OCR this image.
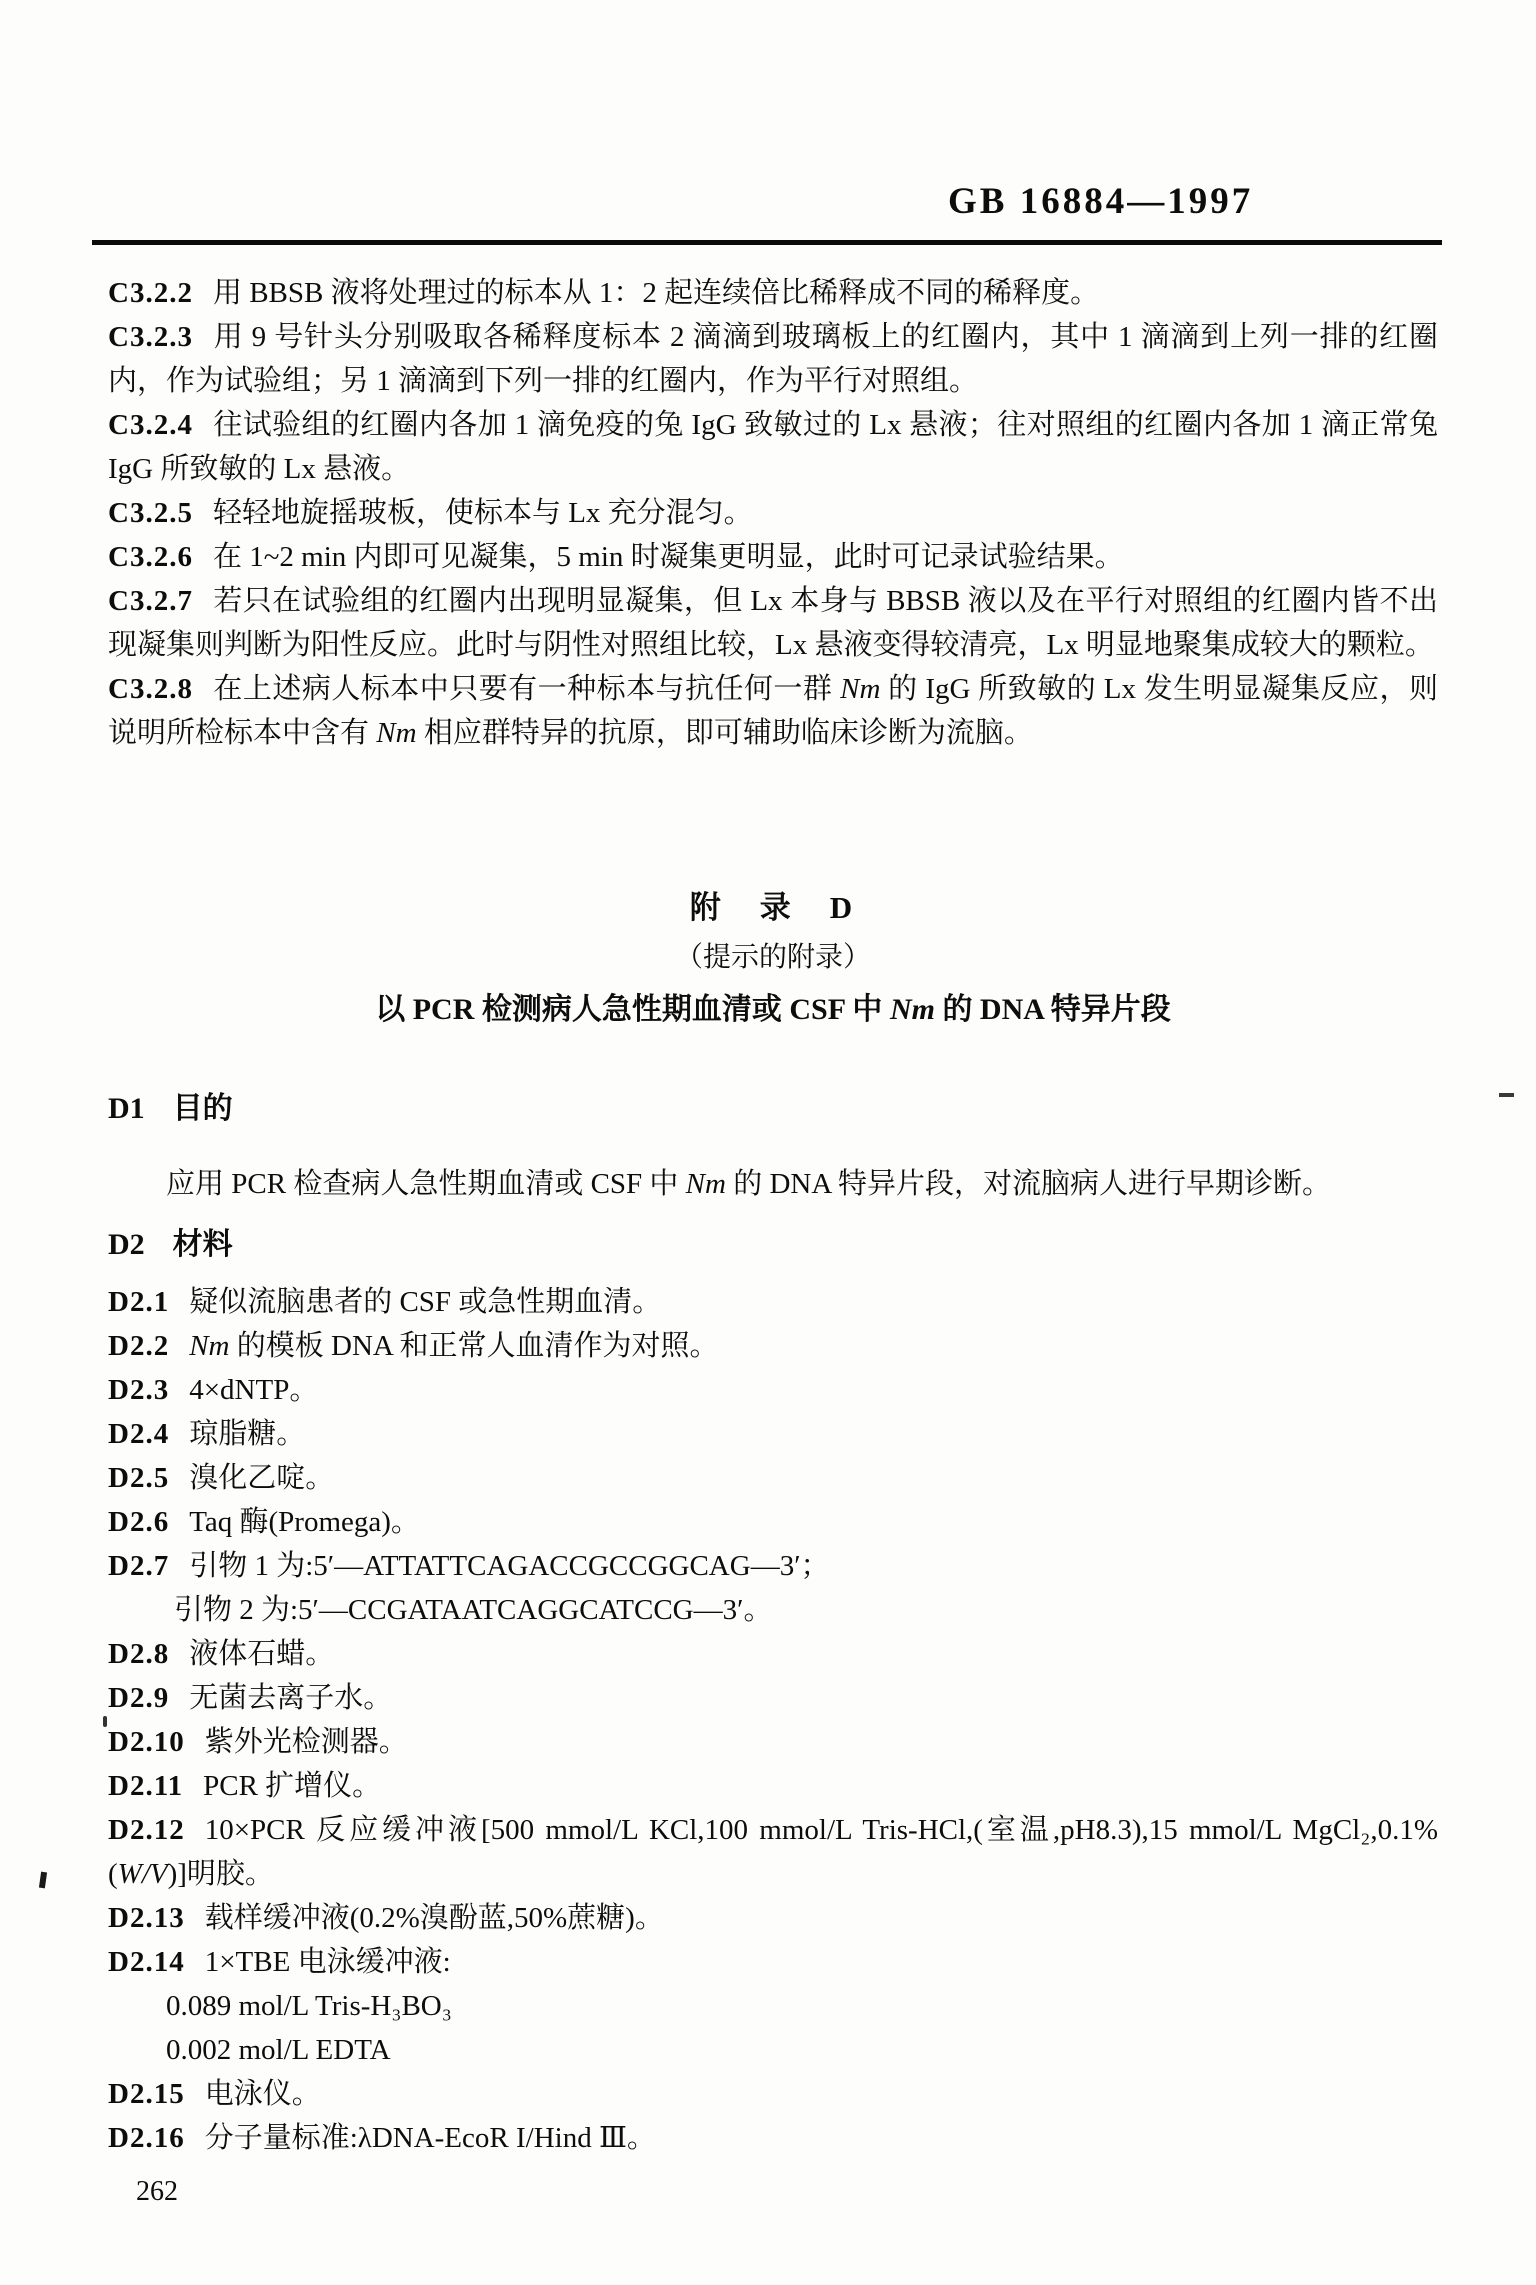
GB 16884—1997

C3.2.2 用 BBSB 液将处理过的标本从 1：2 起连续倍比稀释成不同的稀释度。

C3.2.3 用 9 号针头分别吸取各稀释度标本 2 滴滴到玻璃板上的红圈内，其中 1 滴滴到上列一排的红圈内，作为试验组；另 1 滴滴到下列一排的红圈内，作为平行对照组。

C3.2.4 往试验组的红圈内各加 1 滴免疫的兔 IgG 致敏过的 Lx 悬液；往对照组的红圈内各加 1 滴正常兔 IgG 所致敏的 Lx 悬液。

C3.2.5 轻轻地旋摇玻板，使标本与 Lx 充分混匀。

C3.2.6 在 1~2 min 内即可见凝集，5 min 时凝集更明显，此时可记录试验结果。

C3.2.7 若只在试验组的红圈内出现明显凝集，但 Lx 本身与 BBSB 液以及在平行对照组的红圈内皆不出现凝集则判断为阳性反应。此时与阴性对照组比较，Lx 悬液变得较清亮，Lx 明显地聚集成较大的颗粒。

C3.2.8 在上述病人标本中只要有一种标本与抗任何一群 Nm 的 IgG 所致敏的 Lx 发生明显凝集反应，则说明所检标本中含有 Nm 相应群特异的抗原，即可辅助临床诊断为流脑。

附　录　D

（提示的附录）

以 PCR 检测病人急性期血清或 CSF 中 Nm 的 DNA 特异片段

D1 目的

应用 PCR 检查病人急性期血清或 CSF 中 Nm 的 DNA 特异片段，对流脑病人进行早期诊断。

D2 材料

D2.1 疑似流脑患者的 CSF 或急性期血清。

D2.2 Nm 的模板 DNA 和正常人血清作为对照。

D2.3 4×dNTP。

D2.4 琼脂糖。

D2.5 溴化乙啶。

D2.6 Taq 酶(Promega)。

D2.7 引物 1 为:5′—ATTATTCAGACCGCCGGCAG—3′；

引物 2 为:5′—CCGATAATCAGGCATCCG—3′。

D2.8 液体石蜡。

D2.9 无菌去离子水。

D2.10 紫外光检测器。

D2.11 PCR 扩增仪。

D2.12 10×PCR 反应缓冲液[500 mmol/L KCl,100 mmol/L Tris-HCl,(室温,pH8.3),15 mmol/L MgCl₂,0.1%(W/V)]明胶。

D2.13 载样缓冲液(0.2%溴酚蓝,50%蔗糖)。

D2.14 1×TBE 电泳缓冲液:

0.089 mol/L Tris-H₃BO₃

0.002 mol/L EDTA

D2.15 电泳仪。

D2.16 分子量标准:λDNA-EcoR I/Hind Ⅲ。

262
